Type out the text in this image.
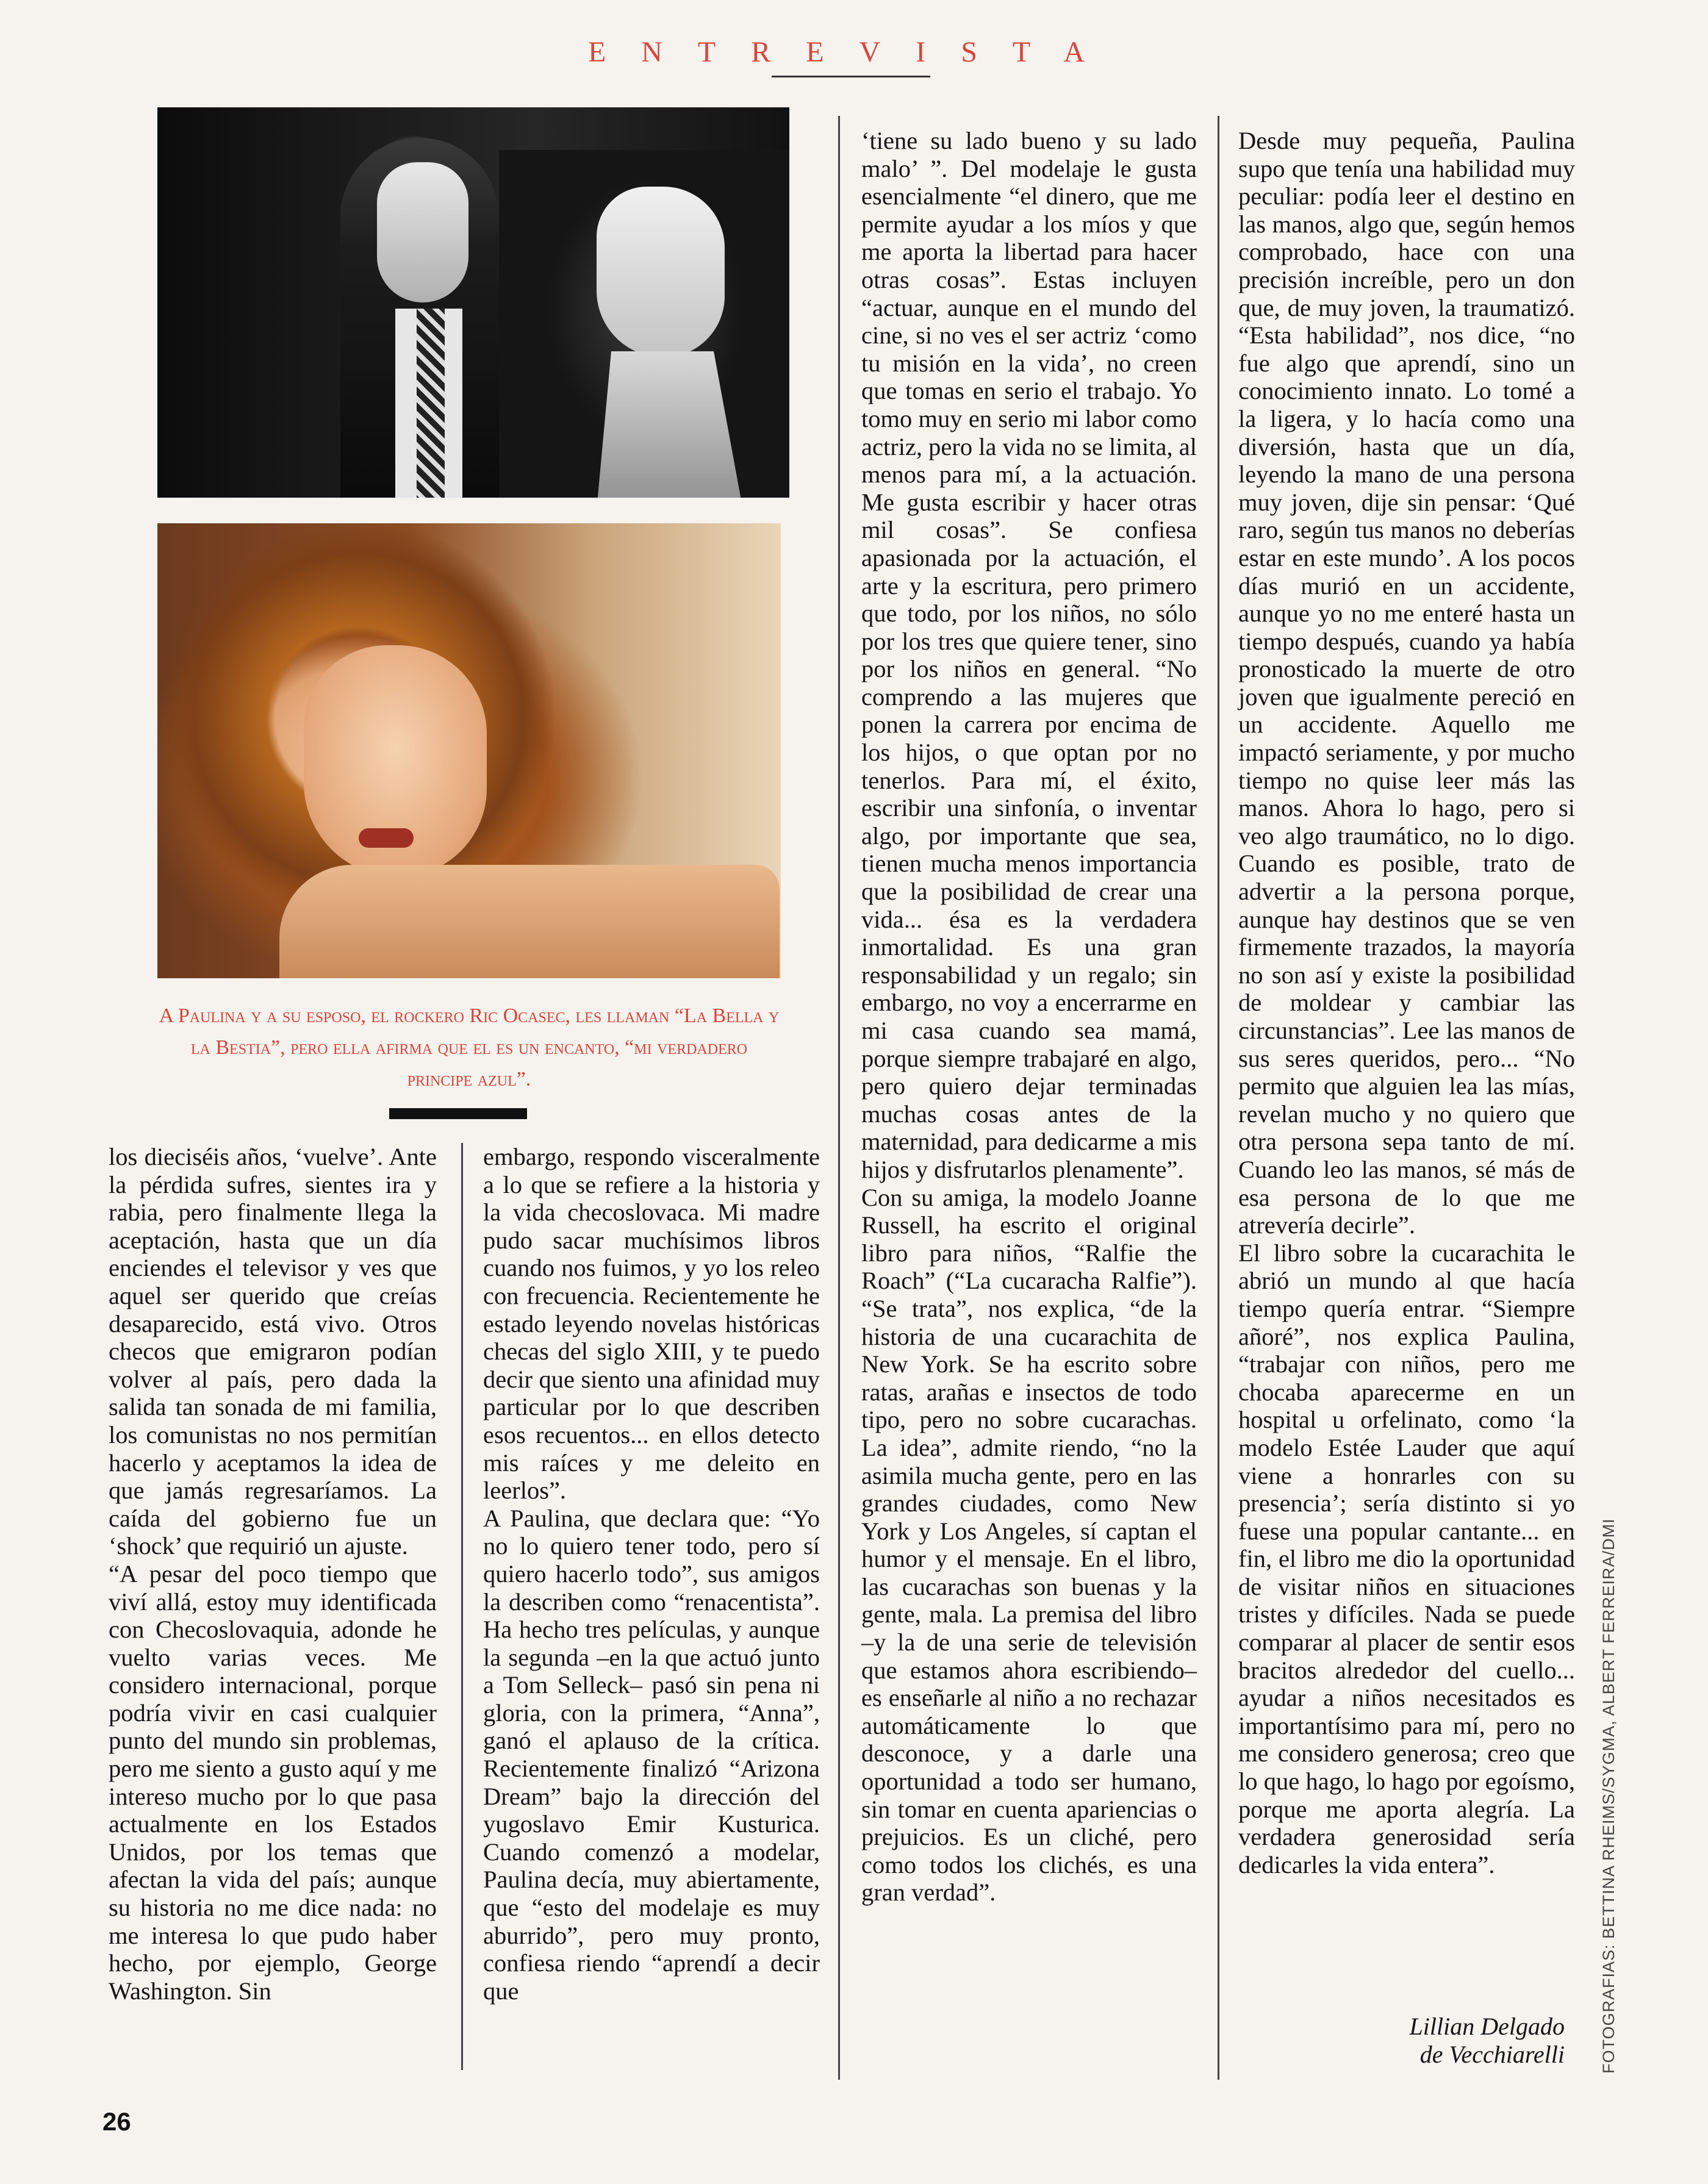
ENTREVISTA
A Paulina y a su esposo, el rockero Ric Ocasec, les llaman “La Bella y la Bestia”, pero ella afirma que el es un encanto, “mi verdadero principe azul”.

los dieciséis años, ‘vuelve’. Ante la pérdida sufres, sientes ira y rabia, pero finalmente llega la aceptación, hasta que un día enciendes el televisor y ves que aquel ser querido que creías desaparecido, está vivo. Otros checos que emigraron podían volver al país, pero dada la salida tan sonada de mi familia, los comunistas no nos permitían hacerlo y aceptamos la idea de que jamás regresaríamos. La caída del gobierno fue un ‘shock’ que requirió un ajuste.

“A pesar del poco tiempo que viví allá, estoy muy identificada con Checoslovaquia, adonde he vuelto varias veces. Me considero internacional, porque podría vivir en casi cualquier punto del mundo sin problemas, pero me siento a gusto aquí y me intereso mucho por lo que pasa actualmente en los Estados Unidos, por los temas que afectan la vida del país; aunque su historia no me dice nada: no me interesa lo que pudo haber hecho, por ejemplo, George Washington. Sin

embargo, respondo visceralmente a lo que se refiere a la historia y la vida checoslovaca. Mi madre pudo sacar muchísimos libros cuando nos fuimos, y yo los releo con frecuencia. Recientemente he estado leyendo novelas históricas checas del siglo XIII, y te puedo decir que siento una afinidad muy particular por lo que describen esos recuentos... en ellos detecto mis raíces y me deleito en leerlos”.

A Paulina, que declara que: “Yo no lo quiero tener todo, pero sí quiero hacerlo todo”, sus amigos la describen como “renacentista”. Ha hecho tres películas, y aunque la segunda –en la que actuó junto a Tom Selleck– pasó sin pena ni gloria, con la primera, “Anna”, ganó el aplauso de la crítica. Recientemente finalizó “Arizona Dream” bajo la dirección del yugoslavo Emir Kusturica. Cuando comenzó a modelar, Paulina decía, muy abiertamente, que “esto del modelaje es muy aburrido”, pero muy pronto, confiesa riendo “aprendí a decir que

‘tiene su lado bueno y su lado malo’ ”. Del modelaje le gusta esencialmente “el dinero, que me permite ayudar a los míos y que me aporta la libertad para hacer otras cosas”. Estas incluyen “actuar, aunque en el mundo del cine, si no ves el ser actriz ‘como tu misión en la vida’, no creen que tomas en serio el trabajo. Yo tomo muy en serio mi labor como actriz, pero la vida no se limita, al menos para mí, a la actuación. Me gusta escribir y hacer otras mil cosas”. Se confiesa apasionada por la actuación, el arte y la escritura, pero primero que todo, por los niños, no sólo por los tres que quiere tener, sino por los niños en general. “No comprendo a las mujeres que ponen la carrera por encima de los hijos, o que optan por no tenerlos. Para mí, el éxito, escribir una sinfonía, o inventar algo, por importante que sea, tienen mucha menos importancia que la posibilidad de crear una vida... ésa es la verdadera inmortalidad. Es una gran responsabilidad y un regalo; sin embargo, no voy a encerrarme en mi casa cuando sea mamá, porque siempre trabajaré en algo, pero quiero dejar terminadas muchas cosas antes de la maternidad, para dedicarme a mis hijos y disfrutarlos plenamente”.

Con su amiga, la modelo Joanne Russell, ha escrito el original libro para niños, “Ralfie the Roach” (“La cucaracha Ralfie”). “Se trata”, nos explica, “de la historia de una cucarachita de New York. Se ha escrito sobre ratas, arañas e insectos de todo tipo, pero no sobre cucarachas. La idea”, admite riendo, “no la asimila mucha gente, pero en las grandes ciudades, como New York y Los Angeles, sí captan el humor y el mensaje. En el libro, las cucarachas son buenas y la gente, mala. La premisa del libro –y la de una serie de televisión que estamos ahora escribiendo– es enseñarle al niño a no rechazar automáticamente lo que desconoce, y a darle una oportunidad a todo ser humano, sin tomar en cuenta apariencias o prejuicios. Es un cliché, pero como todos los clichés, es una gran verdad”.

Desde muy pequeña, Paulina supo que tenía una habilidad muy peculiar: podía leer el destino en las manos, algo que, según hemos comprobado, hace con una precisión increíble, pero un don que, de muy joven, la traumatizó. “Esta habilidad”, nos dice, “no fue algo que aprendí, sino un conocimiento innato. Lo tomé a la ligera, y lo hacía como una diversión, hasta que un día, leyendo la mano de una persona muy joven, dije sin pensar: ‘Qué raro, según tus manos no deberías estar en este mundo’. A los pocos días murió en un accidente, aunque yo no me enteré hasta un tiempo después, cuando ya había pronosticado la muerte de otro joven que igualmente pereció en un accidente. Aquello me impactó seriamente, y por mucho tiempo no quise leer más las manos. Ahora lo hago, pero si veo algo traumático, no lo digo. Cuando es posible, trato de advertir a la persona porque, aunque hay destinos que se ven firmemente trazados, la mayoría no son así y existe la posibilidad de moldear y cambiar las circunstancias”. Lee las manos de sus seres queridos, pero... “No permito que alguien lea las mías, revelan mucho y no quiero que otra persona sepa tanto de mí. Cuando leo las manos, sé más de esa persona de lo que me atrevería decirle”.

El libro sobre la cucarachita le abrió un mundo al que hacía tiempo quería entrar. “Siempre añoré”, nos explica Paulina, “trabajar con niños, pero me chocaba aparecerme en un hospital u orfelinato, como ‘la modelo Estée Lauder que aquí viene a honrarles con su presencia’; sería distinto si yo fuese una popular cantante... en fin, el libro me dio la oportunidad de visitar niños en situaciones tristes y difíciles. Nada se puede comparar al placer de sentir esos bracitos alrededor del cuello... ayudar a niños necesitados es importantísimo para mí, pero no me considero generosa; creo que lo que hago, lo hago por egoísmo, porque me aporta alegría. La verdadera generosidad sería dedicarles la vida entera”.

Lillian Delgado
de Vecchiarelli FOTOGRAFIAS: BETTINA RHEIMS/SYGMA, ALBERT FERREIRA/DMI
26
